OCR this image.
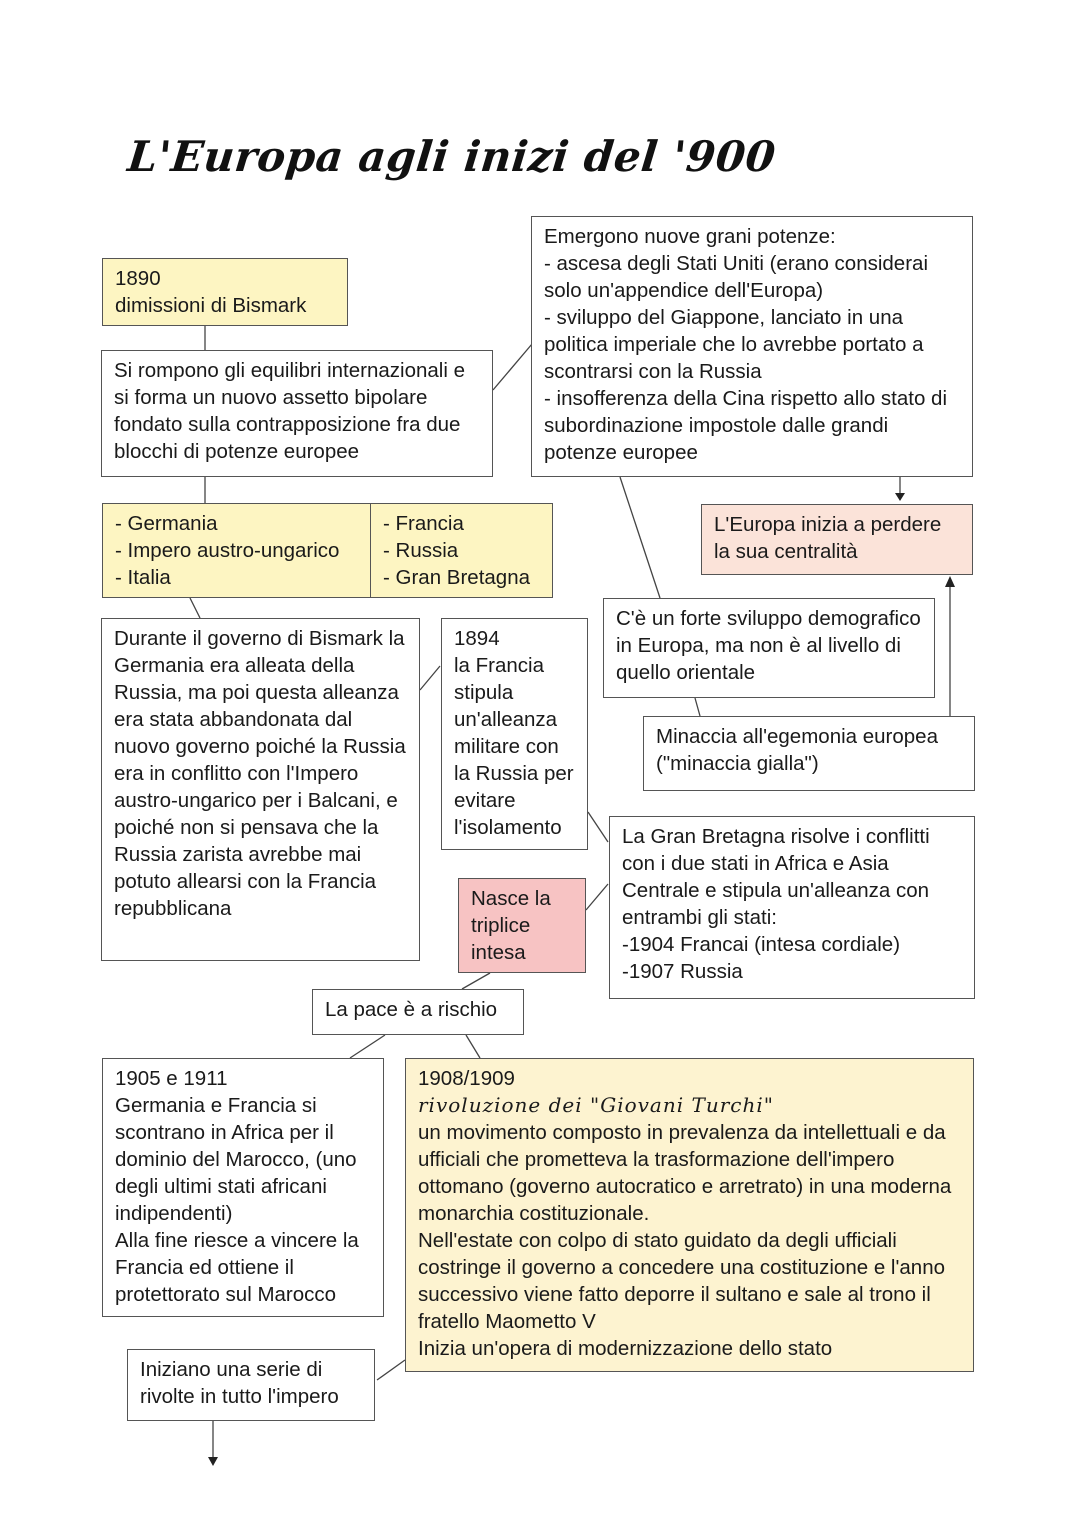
L'Europa agli inizi del '900
1890
dimissioni di Bismark
Si rompono gli equilibri internazionali e si forma un nuovo assetto bipolare fondato sulla contrapposizione fra due blocchi di potenze europee
- Germania
- Impero austro-ungarico
- Italia
- Francia
- Russia
- Gran Bretagna
Durante il governo di Bismark la Germania era alleata della Russia, ma poi questa alleanza era stata abbandonata dal nuovo governo poiché la Russia era in conflitto con l'Impero austro-ungarico per i Balcani, e poiché non si pensava che la Russia zarista avrebbe mai potuto allearsi con la Francia repubblicana
1894
la Francia stipula un'alleanza militare con la Russia per evitare l'isolamento
Emergono nuove grani potenze:
- ascesa degli Stati Uniti (erano considerai solo un'appendice dell'Europa)
- sviluppo del Giappone, lanciato in una politica imperiale che lo avrebbe portato a scontrarsi con la Russia
- insofferenza della Cina rispetto allo stato di subordinazione impostole dalle grandi potenze europee
L'Europa inizia a perdere la sua centralità
C'è un forte sviluppo demografico in Europa, ma non è al livello di quello orientale
Minaccia all'egemonia europea ("minaccia gialla")
La Gran Bretagna risolve i conflitti con i due stati in Africa e Asia Centrale e stipula un'alleanza con entrambi gli stati:
-1904 Francai (intesa cordiale)
-1907 Russia
Nasce la triplice intesa
La pace è a rischio
1905 e 1911
Germania e Francia si scontrano in Africa per il dominio del Marocco, (uno degli ultimi stati africani indipendenti)
Alla fine riesce a vincere la Francia ed ottiene il protettorato sul Marocco
1908/1909
rivoluzione dei "Giovani Turchi"
un movimento composto in prevalenza da intellettuali e da ufficiali che prometteva la trasformazione dell'impero ottomano (governo autocratico e arretrato) in una moderna monarchia costituzionale.
Nell'estate con colpo di stato guidato da degli ufficiali costringe il governo a concedere una costituzione e l'anno successivo viene fatto deporre il sultano e sale al trono il fratello Maometto V
Inizia un'opera di modernizzazione dello stato
Iniziano una serie di rivolte in tutto l'impero
